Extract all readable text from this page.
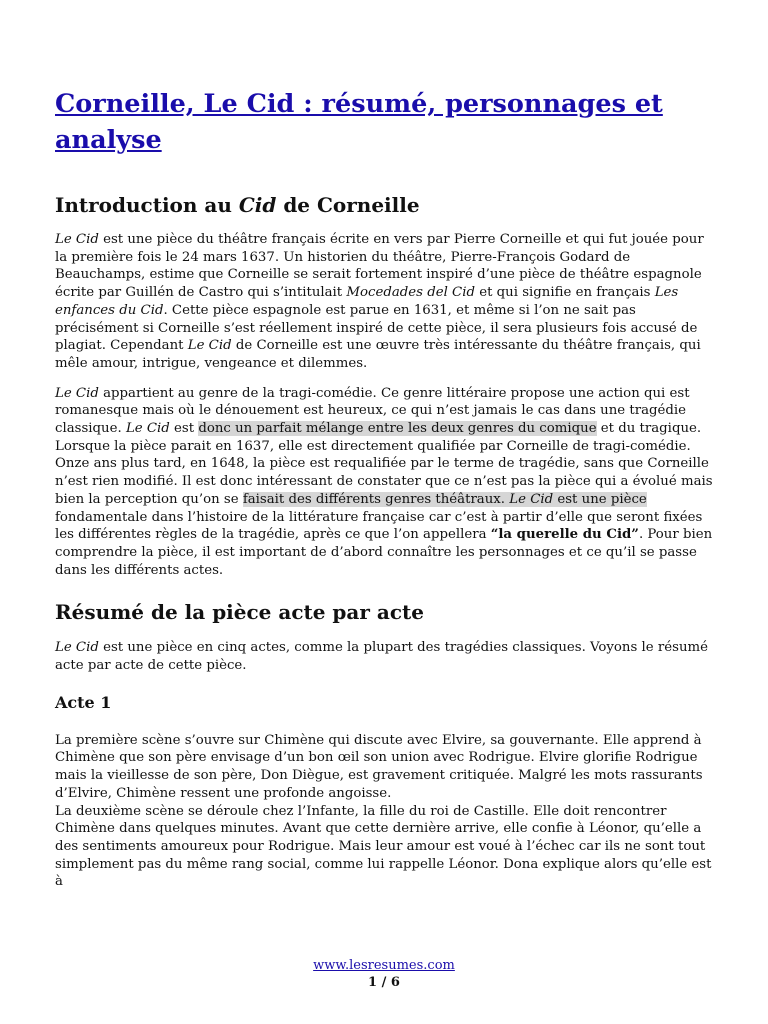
Corneille, Le Cid : résumé, personnages et analyse
Introduction au Cid de Corneille

Le Cid est une pièce du théâtre français écrite en vers par Pierre Corneille et qui fut jouée pour la première fois le 24 mars 1637. Un historien du théâtre, Pierre-François Godard de Beauchamps, estime que Corneille se serait fortement inspiré d’une pièce de théâtre espagnole écrite par Guillén de Castro qui s’intitulait Mocedades del Cid et qui signifie en français Les enfances du Cid. Cette pièce espagnole est parue en 1631, et même si l’on ne sait pas précisément si Corneille s’est réellement inspiré de cette pièce, il sera plusieurs fois accusé de plagiat. Cependant Le Cid de Corneille est une œuvre très intéressante du théâtre français, qui mêle amour, intrigue, vengeance et dilemmes.

Le Cid appartient au genre de la tragi-comédie. Ce genre littéraire propose une action qui est romanesque mais où le dénouement est heureux, ce qui n’est jamais le cas dans une tragédie classique. Le Cid est donc un parfait mélange entre les deux genres du comique et du tragique. Lorsque la pièce parait en 1637, elle est directement qualifiée par Corneille de tragi-comédie. Onze ans plus tard, en 1648, la pièce est requalifiée par le terme de tragédie, sans que Corneille n’est rien modifié. Il est donc intéressant de constater que ce n’est pas la pièce qui a évolué mais bien la perception qu’on se faisait des différents genres théâtraux. Le Cid est une pièce fondamentale dans l’histoire de la littérature française car c’est à partir d’elle que seront fixées les différentes règles de la tragédie, après ce que l’on appellera “la querelle du Cid”. Pour bien comprendre la pièce, il est important de d’abord connaître les personnages et ce qu’il se passe dans les différents actes.

Résumé de la pièce acte par acte

Le Cid est une pièce en cinq actes, comme la plupart des tragédies classiques. Voyons le résumé acte par acte de cette pièce.

Acte 1

La première scène s’ouvre sur Chimène qui discute avec Elvire, sa gouvernante. Elle apprend à Chimène que son père envisage d’un bon œil son union avec Rodrigue. Elvire glorifie Rodrigue mais la vieillesse de son père, Don Diègue, est gravement critiquée. Malgré les mots rassurants d’Elvire, Chimène ressent une profonde angoisse.

La deuxième scène se déroule chez l’Infante, la fille du roi de Castille. Elle doit rencontrer Chimène dans quelques minutes. Avant que cette dernière arrive, elle confie à Léonor, qu’elle a des sentiments amoureux pour Rodrigue. Mais leur amour est voué à l’échec car ils ne sont tout simplement pas du même rang social, comme lui rappelle Léonor. Dona explique alors qu’elle est à

www.lesresumes.com
1 / 6
